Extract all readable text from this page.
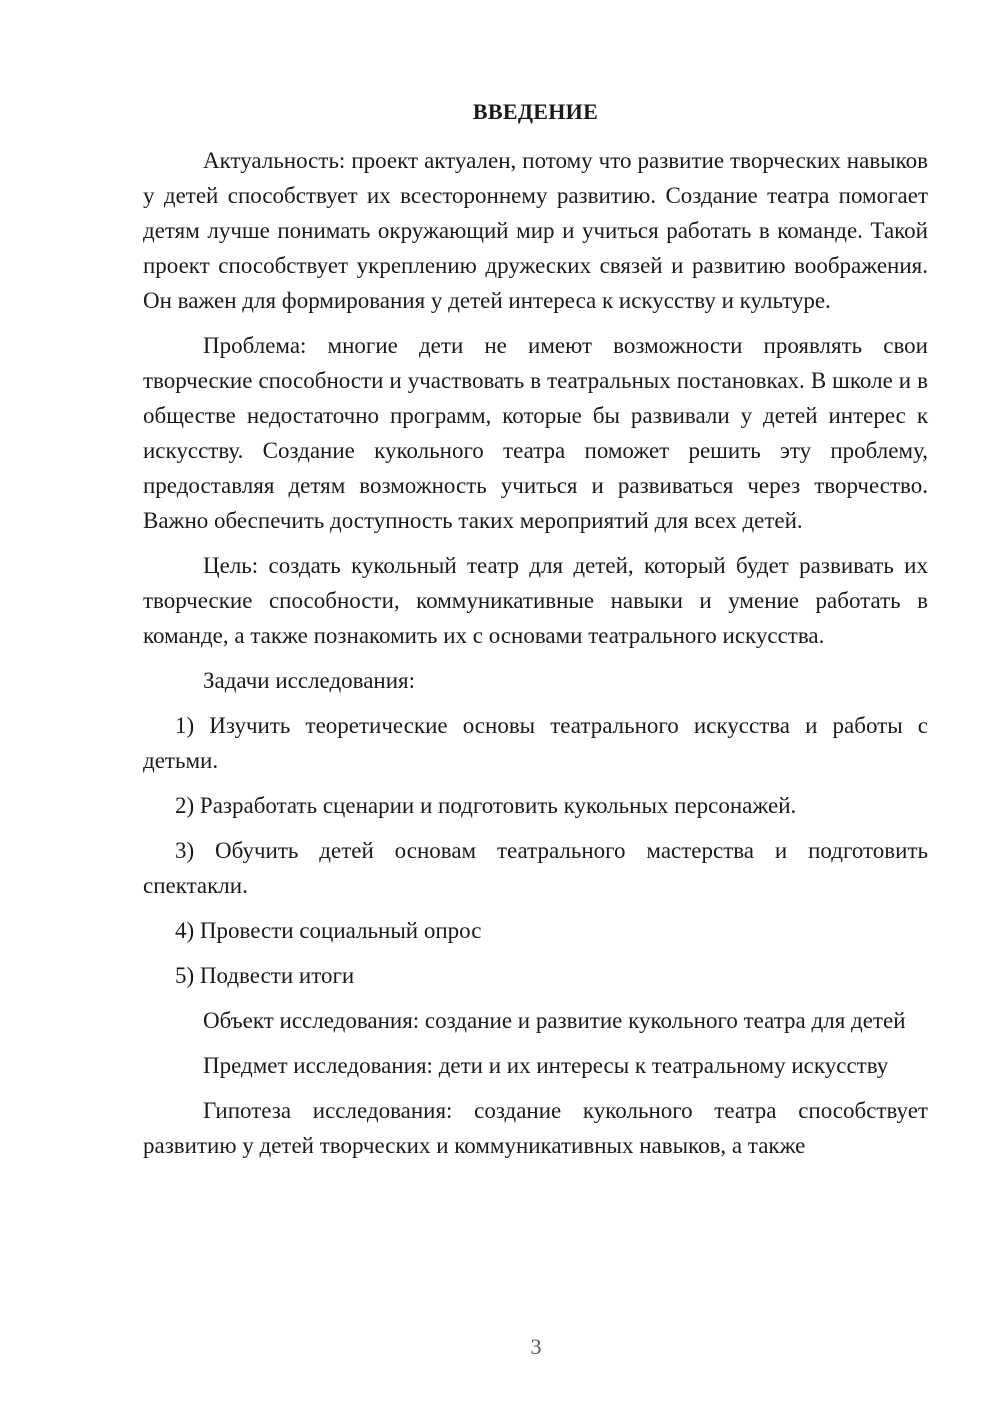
ВВЕДЕНИЕ

Актуальность: проект актуален, потому что развитие творческих навыков у детей способствует их всестороннему развитию. Создание театра помогает детям лучше понимать окружающий мир и учиться работать в команде. Такой проект способствует укреплению дружеских связей и развитию воображения. Он важен для формирования у детей интереса к искусству и культуре.

Проблема: многие дети не имеют возможности проявлять свои творческие способности и участвовать в театральных постановках. В школе и в обществе недостаточно программ, которые бы развивали у детей интерес к искусству. Создание кукольного театра поможет решить эту проблему, предоставляя детям возможность учиться и развиваться через творчество. Важно обеспечить доступность таких мероприятий для всех детей.

Цель: создать кукольный театр для детей, который будет развивать их творческие способности, коммуникативные навыки и умение работать в команде, а также познакомить их с основами театрального искусства.

Задачи исследования:

1) Изучить теоретические основы театрального искусства и работы с детьми.

2) Разработать сценарии и подготовить кукольных персонажей.

3) Обучить детей основам театрального мастерства и подготовить спектакли.

4) Провести социальный опрос

5) Подвести итоги

Объект исследования: создание и развитие кукольного театра для детей

Предмет исследования: дети и их интересы к театральному искусству

Гипотеза исследования: создание кукольного театра способствует развитию у детей творческих и коммуникативных навыков, а также

3
